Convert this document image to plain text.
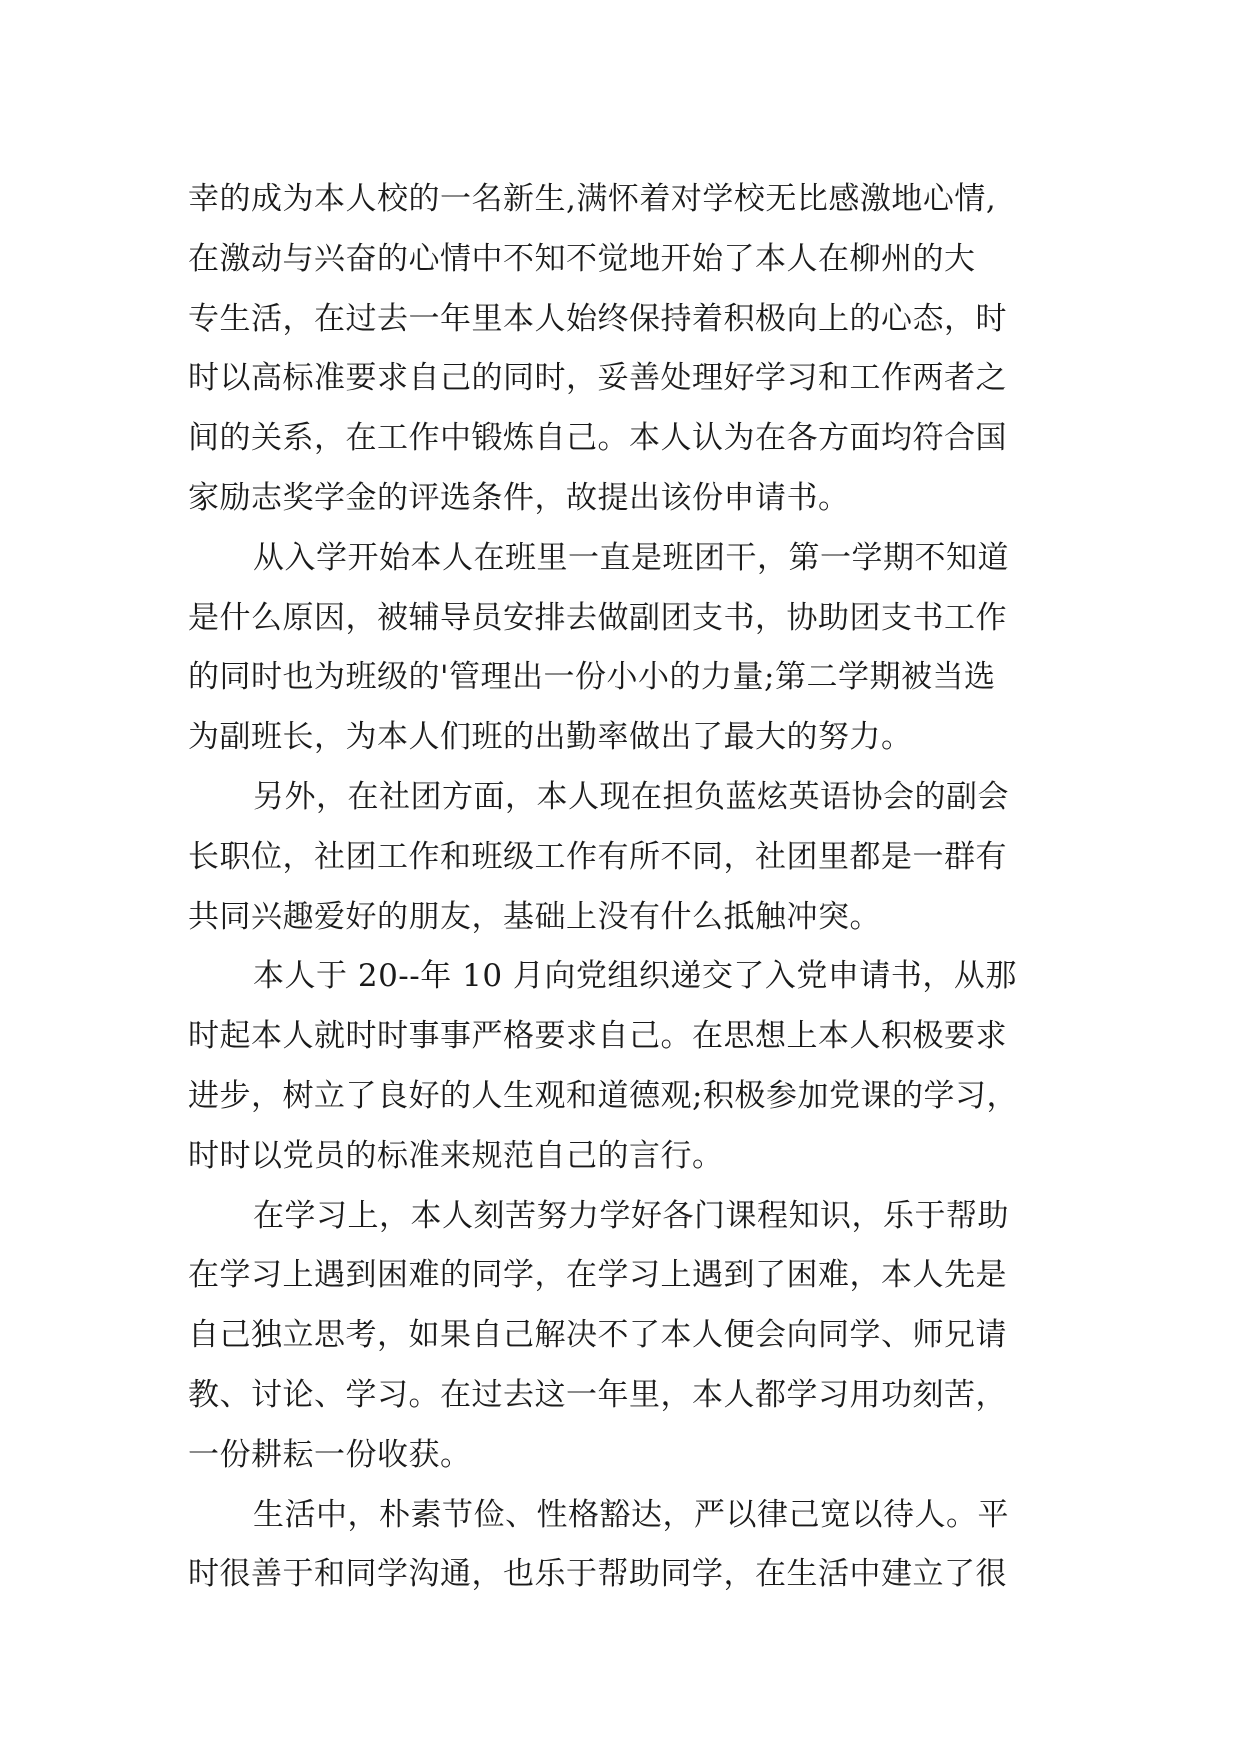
幸的成为本人校的一名新生,满怀着对学校无比感激地心情,
在激动与兴奋的心情中不知不觉地开始了本人在柳州的大
专生活，在过去一年里本人始终保持着积极向上的心态，时
时以高标准要求自己的同时，妥善处理好学习和工作两者之
间的关系，在工作中锻炼自己。本人认为在各方面均符合国
家励志奖学金的评选条件，故提出该份申请书。
从入学开始本人在班里一直是班团干，第一学期不知道
是什么原因，被辅导员安排去做副团支书，协助团支书工作
的同时也为班级的'管理出一份小小的力量;第二学期被当选
为副班长，为本人们班的出勤率做出了最大的努力。
另外，在社团方面，本人现在担负蓝炫英语协会的副会
长职位，社团工作和班级工作有所不同，社团里都是一群有
共同兴趣爱好的朋友，基础上没有什么抵触冲突。
本人于 20--年 10 月向党组织递交了入党申请书，从那
时起本人就时时事事严格要求自己。在思想上本人积极要求
进步，树立了良好的人生观和道德观;积极参加党课的学习，
时时以党员的标准来规范自己的言行。
在学习上，本人刻苦努力学好各门课程知识，乐于帮助
在学习上遇到困难的同学，在学习上遇到了困难，本人先是
自己独立思考，如果自己解决不了本人便会向同学、师兄请
教、讨论、学习。在过去这一年里，本人都学习用功刻苦，
一份耕耘一份收获。
生活中，朴素节俭、性格豁达，严以律己宽以待人。平
时很善于和同学沟通，也乐于帮助同学，在生活中建立了很
